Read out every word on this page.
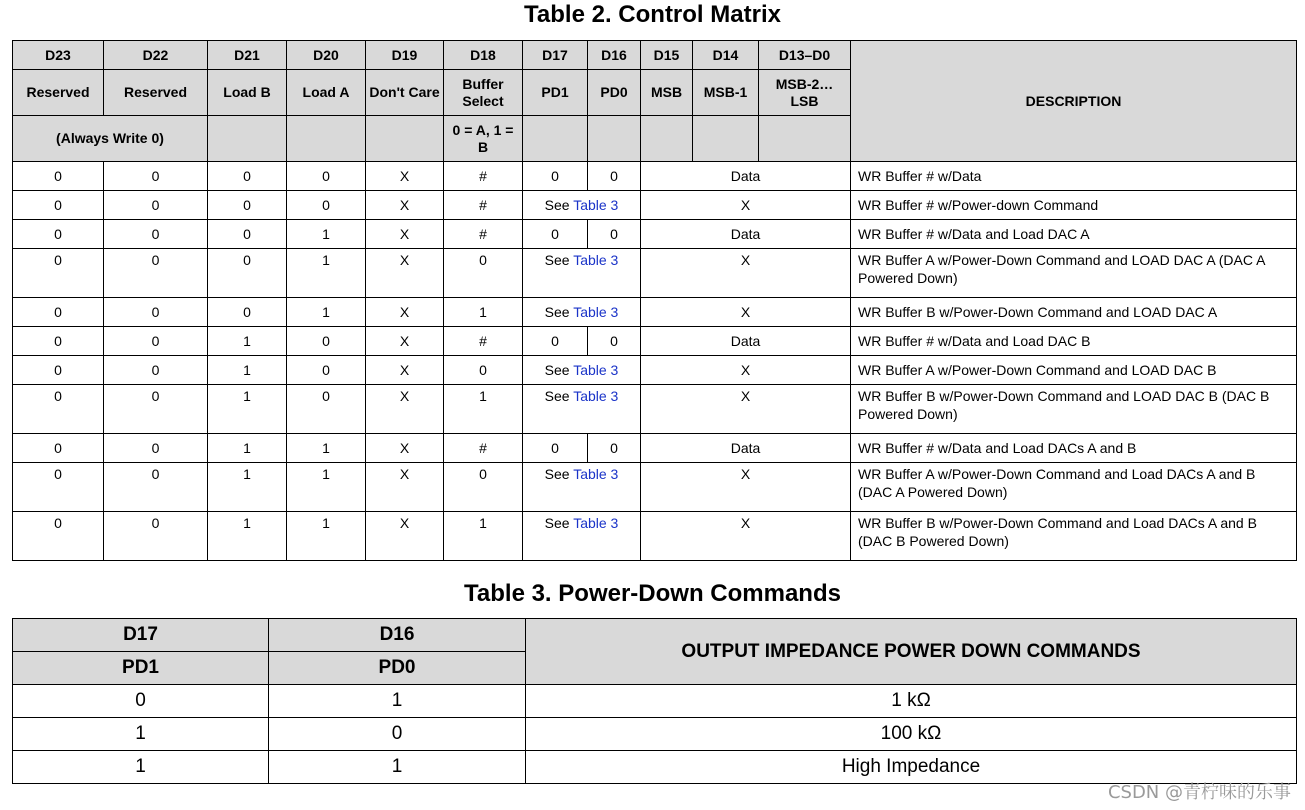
Table 2. Control Matrix
D23	D22	D21	D20	D19	D18	D17	D16	D15	D14	D13–D0	DESCRIPTION
Reserved	Reserved	Load B	Load A	Don't Care	Buffer Select	PD1	PD0	MSB	MSB-1	MSB-2… LSB	
(Always Write 0)					0 = A, 1 = B						
0	0	0	0	X	#	0	0	Data			WR Buffer # w/Data
0	0	0	0	X	#	See Table 3		X			WR Buffer # w/Power-down Command
0	0	0	1	X	#	0	0	Data			WR Buffer # w/Data and Load DAC A
0	0	0	1	X	0	See Table 3		X			WR Buffer A w/Power-Down Command and LOAD DAC A (DAC A Powered Down)
0	0	0	1	X	1	See Table 3		X			WR Buffer B w/Power-Down Command and LOAD DAC A
0	0	1	0	X	#	0	0	Data			WR Buffer # w/Data and Load DAC B
0	0	1	0	X	0	See Table 3		X			WR Buffer A w/Power-Down Command and LOAD DAC B
0	0	1	0	X	1	See Table 3		X			WR Buffer B w/Power-Down Command and LOAD DAC B (DAC B Powered Down)
0	0	1	1	X	#	0	0	Data			WR Buffer # w/Data and Load DACs A and B
0	0	1	1	X	0	See Table 3		X			WR Buffer A w/Power-Down Command and Load DACs A and B (DAC A Powered Down)
0	0	1	1	X	1	See Table 3		X			WR Buffer B w/Power-Down Command and Load DACs A and B (DAC B Powered Down)
Table 3. Power-Down Commands
D17	D16	OUTPUT IMPEDANCE POWER DOWN COMMANDS
PD1	PD0	
0	1	1 kΩ
1	0	100 kΩ
1	1	High Impedance
CSDN @青柠味的乐事
